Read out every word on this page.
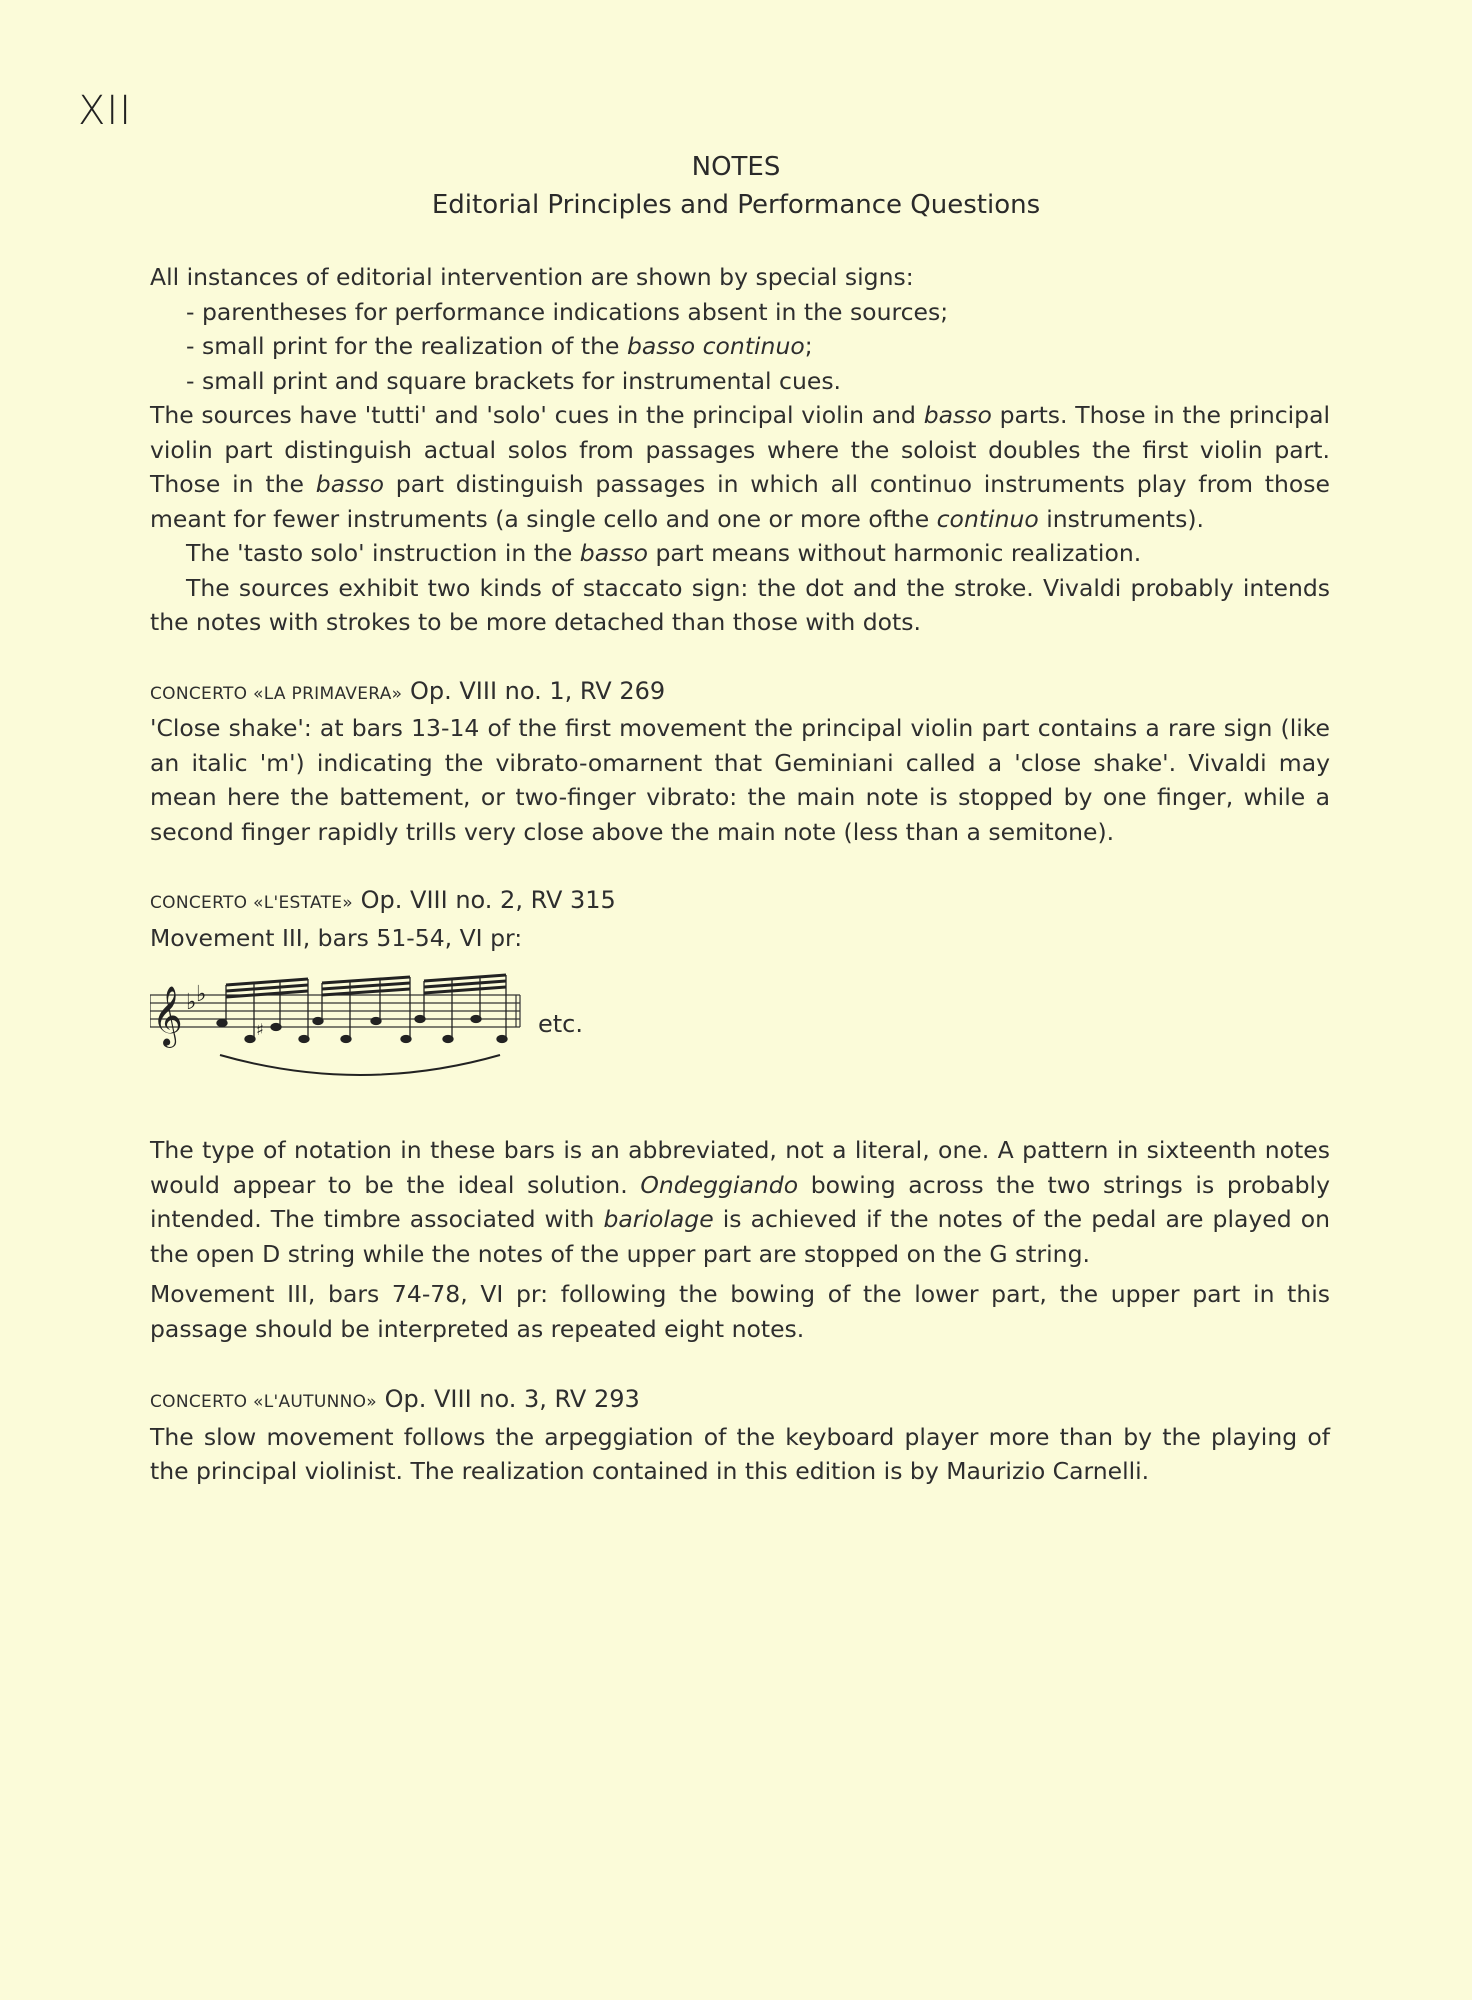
XII
NOTES
Editorial Principles and Performance Questions

All instances of editorial intervention are shown by special signs:

- parentheses for performance indications absent in the sources;

- small print for the realization of the basso continuo;

- small print and square brackets for instrumental cues.

The sources have 'tutti' and 'solo' cues in the principal violin and basso parts. Those in the principal violin part distinguish actual solos from passages where the soloist doubles the first violin part. Those in the basso part distinguish passages in which all continuo instruments play from those meant for fewer instruments (a single cello and one or more ofthe continuo instruments).

The 'tasto solo' instruction in the basso part means without harmonic realization.

The sources exhibit two kinds of staccato sign: the dot and the stroke. Vivaldi probably intends the notes with strokes to be more detached than those with dots.

CONCERTO «LA PRIMAVERA» Op. VIII no. 1, RV 269

'Close shake': at bars 13-14 of the first movement the principal violin part contains a rare sign (like an italic 'm') indicating the vibrato-omarnent that Geminiani called a 'close shake'. Vivaldi may mean here the battement, or two-finger vibrato: the main note is stopped by one finger, while a second finger rapidly trills very close above the main note (less than a semitone).

CONCERTO «L'ESTATE» Op. VIII no. 2, RV 315

Movement III, bars 51-54, VI pr:

𝄞 ♭ ♭
♯	etc.

The type of notation in these bars is an abbreviated, not a literal, one. A pattern in sixteenth notes would appear to be the ideal solution. Ondeggiando bowing across the two strings is probably intended. The timbre associated with bariolage is achieved if the notes of the pedal are played on the open D string while the notes of the upper part are stopped on the G string.

Movement III, bars 74-78, VI pr: following the bowing of the lower part, the upper part in this passage should be interpreted as repeated eight notes.

CONCERTO «L'AUTUNNO» Op. VIII no. 3, RV 293

The slow movement follows the arpeggiation of the keyboard player more than by the playing of the principal violinist. The realization contained in this edition is by Maurizio Carnelli.
